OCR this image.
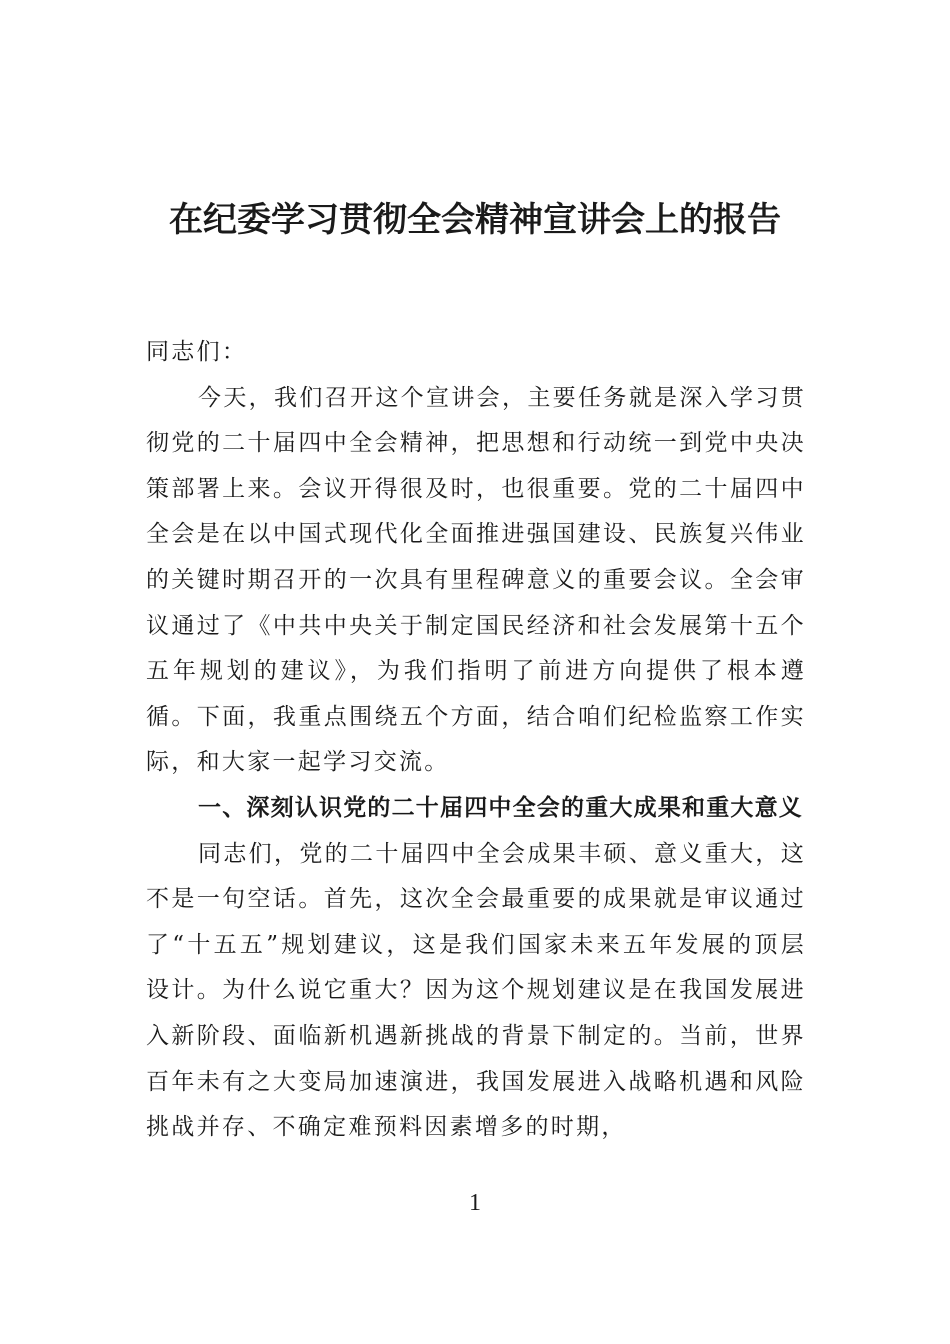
在纪委学习贯彻全会精神宣讲会上的报告

同志们：

今天，我们召开这个宣讲会，主要任务就是深入学习贯彻党的二十届四中全会精神，把思想和行动统一到党中央决策部署上来。会议开得很及时，也很重要。党的二十届四中全会是在以中国式现代化全面推进强国建设、民族复兴伟业的关键时期召开的一次具有里程碑意义的重要会议。全会审议通过了《中共中央关于制定国民经济和社会发展第十五个五年规划的建议》，为我们指明了前进方向提供了根本遵循。下面，我重点围绕五个方面，结合咱们纪检监察工作实际，和大家一起学习交流。

一、深刻认识党的二十届四中全会的重大成果和重大意义

同志们，党的二十届四中全会成果丰硕、意义重大，这不是一句空话。首先，这次全会最重要的成果就是审议通过了“十五五”规划建议，这是我们国家未来五年发展的顶层设计。为什么说它重大？因为这个规划建议是在我国发展进入新阶段、面临新机遇新挑战的背景下制定的。当前，世界百年未有之大变局加速演进，我国发展进入战略机遇和风险挑战并存、不确定难预料因素增多的时期，

1
